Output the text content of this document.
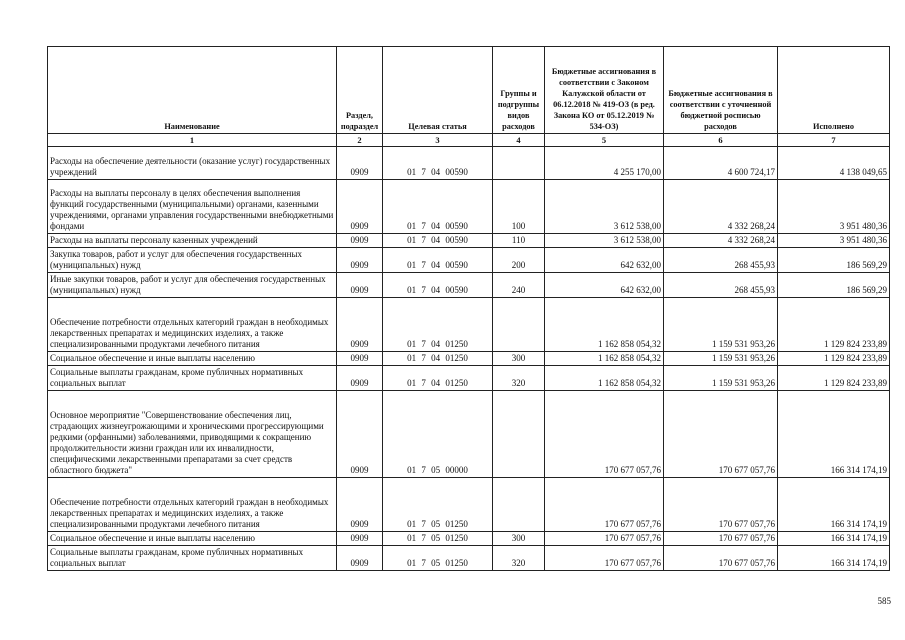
Наименование	Раздел, подраздел	Целевая статья	Группы и подгруппы видов расходов	Бюджетные ассигнования в соответствии с Законом Калужской области от 06.12.2018 № 419-ОЗ (в ред. Закона КО от 05.12.2019 № 534-ОЗ)	Бюджетные ассигнования в соответствии с уточненной бюджетной росписью расходов	Исполнено
1	2	3	4	5	6	7
Расходы на обеспечение деятельности (оказание услуг) государственных учреждений	0909	01 7 04 00590		4 255 170,00	4 600 724,17	4 138 049,65
Расходы на выплаты персоналу в целях обеспечения выполнения функций государственными (муниципальными) органами, казенными учреждениями, органами управления государственными внебюджетными фондами	0909	01 7 04 00590	100	3 612 538,00	4 332 268,24	3 951 480,36
Расходы на выплаты персоналу казенных учреждений	0909	01 7 04 00590	110	3 612 538,00	4 332 268,24	3 951 480,36
Закупка товаров, работ и услуг для обеспечения государственных (муниципальных) нужд	0909	01 7 04 00590	200	642 632,00	268 455,93	186 569,29
Иные закупки товаров, работ и услуг для обеспечения государственных (муниципальных) нужд	0909	01 7 04 00590	240	642 632,00	268 455,93	186 569,29
Обеспечение потребности отдельных категорий граждан в необходимых лекарственных препаратах и медицинских изделиях, а также специализированными продуктами лечебного питания	0909	01 7 04 01250		1 162 858 054,32	1 159 531 953,26	1 129 824 233,89
Социальное обеспечение и иные выплаты населению	0909	01 7 04 01250	300	1 162 858 054,32	1 159 531 953,26	1 129 824 233,89
Социальные выплаты гражданам, кроме публичных нормативных социальных выплат	0909	01 7 04 01250	320	1 162 858 054,32	1 159 531 953,26	1 129 824 233,89
Основное мероприятие "Совершенствование обеспечения лиц, страдающих жизнеугрожающими и хроническими прогрессирующими редкими (орфанными) заболеваниями, приводящими к сокращению продолжительности жизни граждан или их инвалидности, специфическими лекарственными препаратами за счет средств областного бюджета"	0909	01 7 05 00000		170 677 057,76	170 677 057,76	166 314 174,19
Обеспечение потребности отдельных категорий граждан в необходимых лекарственных препаратах и медицинских изделиях, а также специализированными продуктами лечебного питания	0909	01 7 05 01250		170 677 057,76	170 677 057,76	166 314 174,19
Социальное обеспечение и иные выплаты населению	0909	01 7 05 01250	300	170 677 057,76	170 677 057,76	166 314 174,19
Социальные выплаты гражданам, кроме публичных нормативных социальных выплат	0909	01 7 05 01250	320	170 677 057,76	170 677 057,76	166 314 174,19
585
